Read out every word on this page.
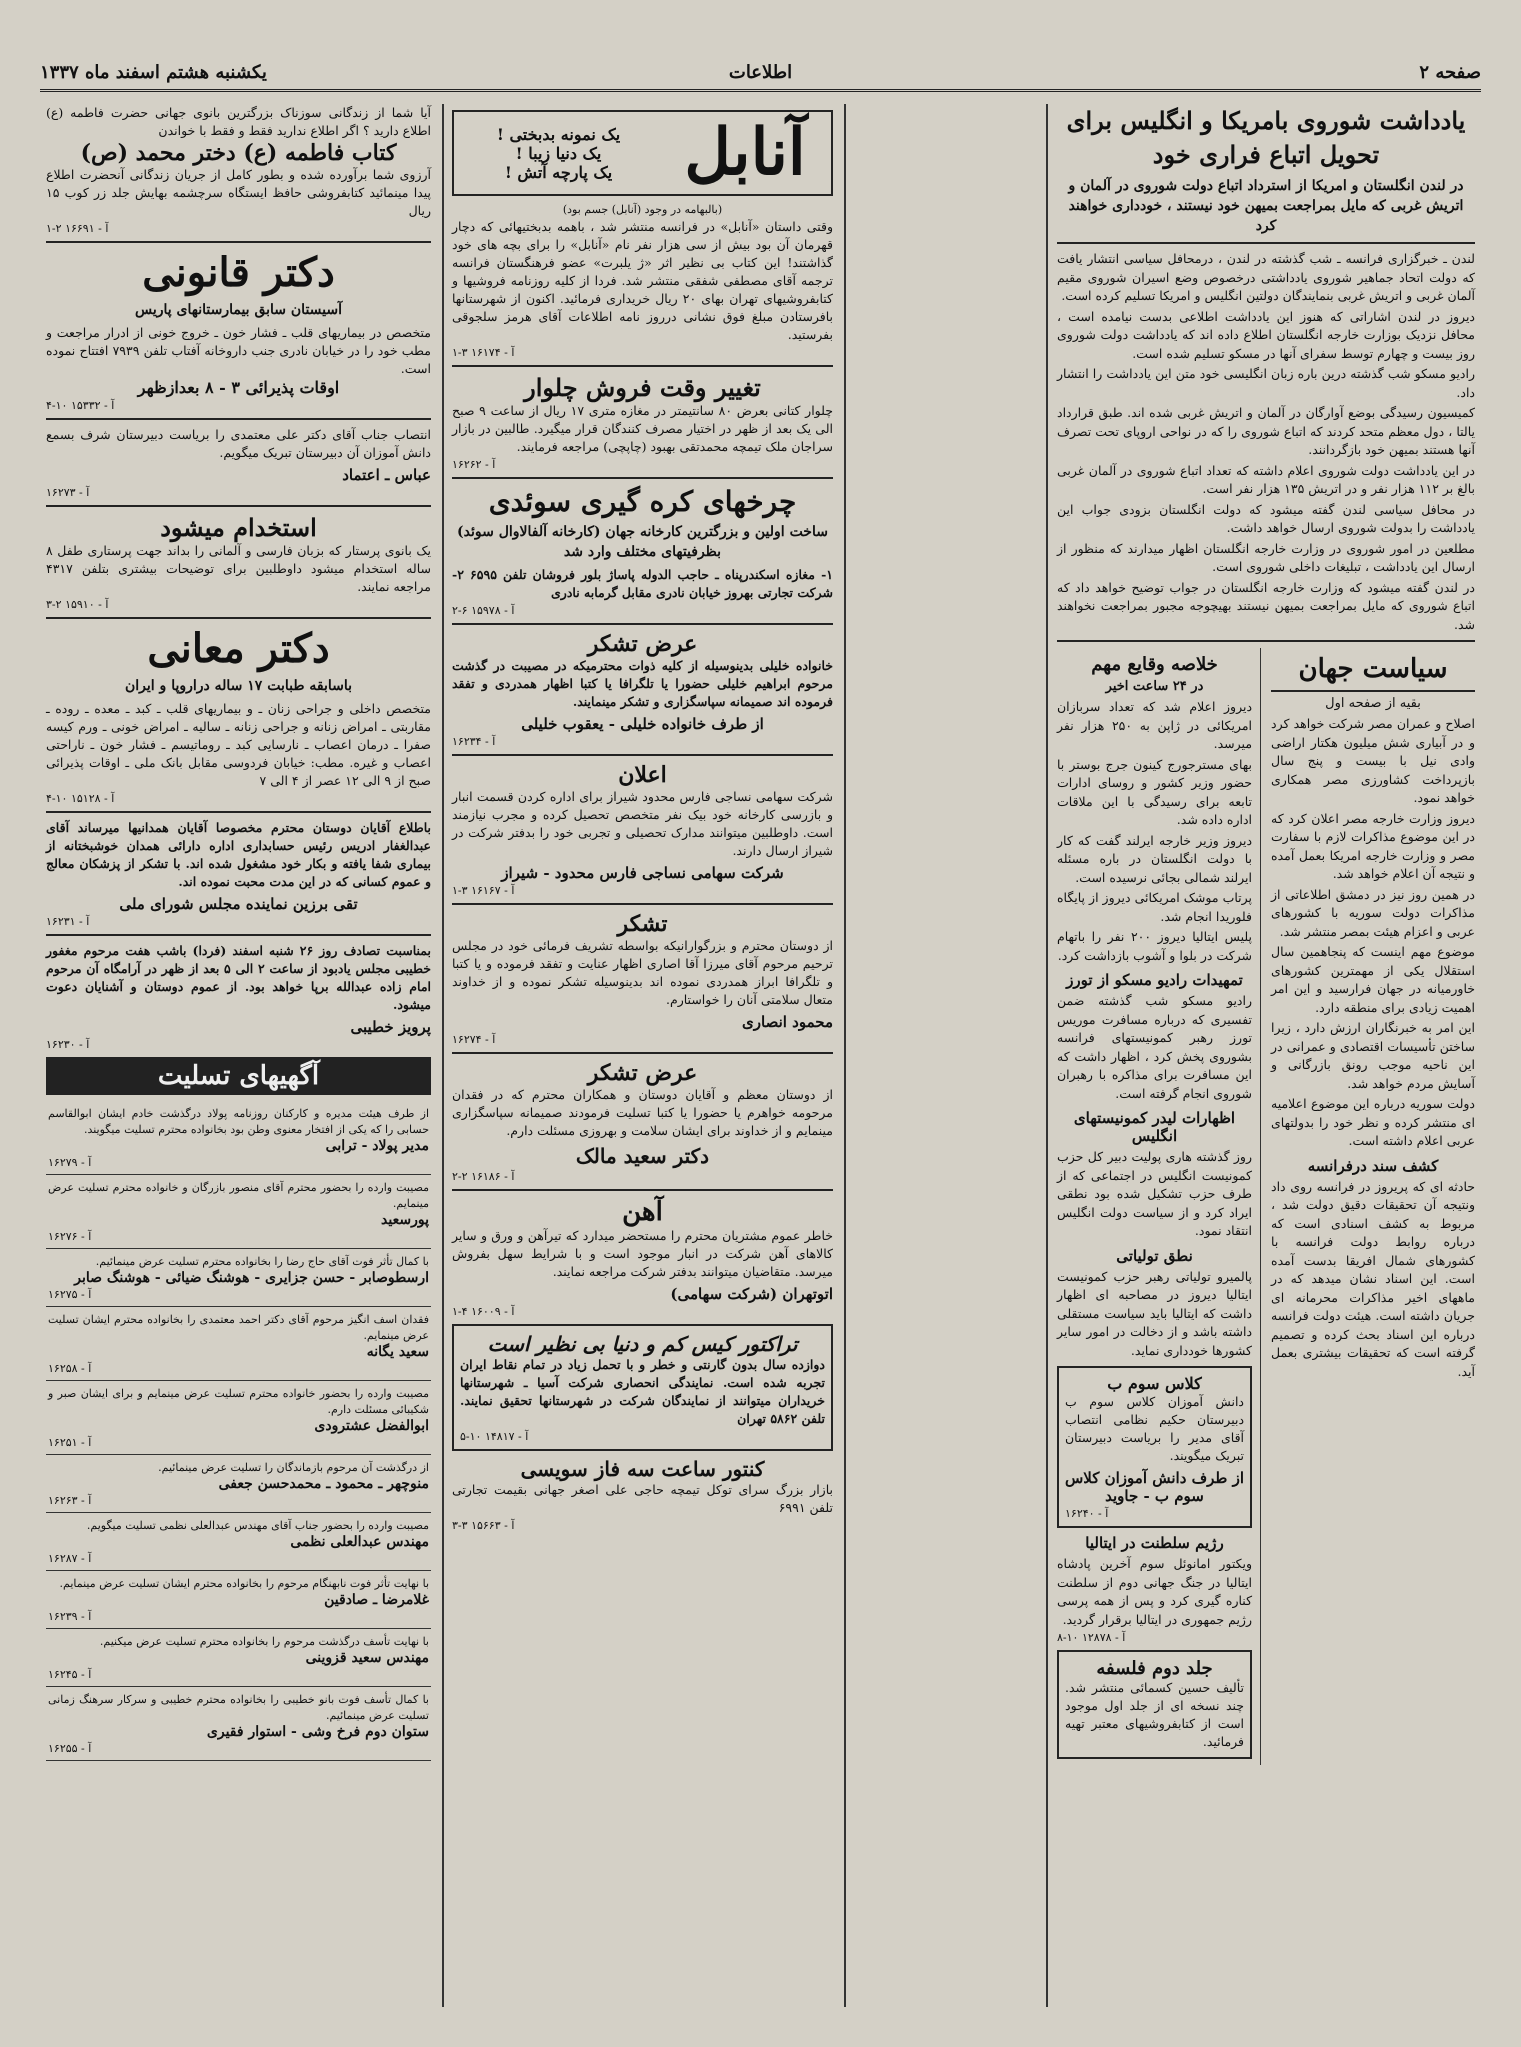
صفحه ۲
اطلاعات
یکشنبه هشتم اسفند ماه ۱۳۳۷
یادداشت شوروی بامریکا و انگلیس برای تحویل اتباع فراری خود
در لندن انگلستان و امریکا از استرداد اتباع دولت شوروی در آلمان و اتریش غربی که مایل بمراجعت بمیهن خود نیستند ، خودداری خواهند کرد

لندن ـ خبرگزاری فرانسه ـ شب گذشته در لندن ، درمحافل سیاسی انتشار یافت که دولت اتحاد جماهیر شوروی یادداشتی درخصوص وضع اسیران شوروی مقیم آلمان غربی و اتریش غربی بنمایندگان دولتین انگلیس و امریکا تسلیم کرده است.

دیروز در لندن اشاراتی که هنوز این یادداشت اطلاعی بدست نیامده است ، محافل نزدیک بوزارت خارجه انگلستان اطلاع داده اند که یادداشت دولت شوروی روز بیست و چهارم توسط سفرای آنها در مسکو تسلیم شده است.

رادیو مسکو شب گذشته درین باره زبان انگلیسی خود متن این یادداشت را انتشار داد.

کمیسیون رسیدگی بوضع آوارگان در آلمان و اتریش غربی شده اند. طبق قرارداد یالتا ، دول معظم متحد کردند که اتباع شوروی را که در نواحی اروپای تحت تصرف آنها هستند بمیهن خود بازگردانند.

در این یادداشت دولت شوروی اعلام داشته که تعداد اتباع شوروی در آلمان غربی بالغ بر ۱۱۲ هزار نفر و در اتریش ۱۳۵ هزار نفر است.

در محافل سیاسی لندن گفته میشود که دولت انگلستان بزودی جواب این یادداشت را بدولت شوروی ارسال خواهد داشت.

مطلعین در امور شوروی در وزارت خارجه انگلستان اظهار میدارند که منظور از ارسال این یادداشت ، تبلیغات داخلی شوروی است.

در لندن گفته میشود که وزارت خارجه انگلستان در جواب توضیح خواهد داد که اتباع شوروی که مایل بمراجعت بمیهن نیستند بهیچوجه مجبور بمراجعت نخواهند شد.

سیاست جهان
بقیه از صفحه اول

اصلاح و عمران مصر شرکت خواهد کرد و در آبیاری شش میلیون هکتار اراضی وادی نیل با بیست و پنج سال بازپرداخت کشاورزی مصر همکاری خواهد نمود.

دیروز وزارت خارجه مصر اعلان کرد که در این موضوع مذاکرات لازم با سفارت مصر و وزارت خارجه امریکا بعمل آمده و نتیجه آن اعلام خواهد شد.

در همین روز نیز در دمشق اطلاعاتی از مذاکرات دولت سوریه با کشورهای عربی و اعزام هیئت بمصر منتشر شد.

موضوع مهم اینست که پنجاهمین سال استقلال یکی از مهمترین کشورهای خاورمیانه در جهان فرارسید و این امر اهمیت زیادی برای منطقه دارد.

این امر به خبرنگاران ارزش دارد ، زیرا ساختن تأسیسات اقتصادی و عمرانی در این ناحیه موجب رونق بازرگانی و آسایش مردم خواهد شد.

دولت سوریه درباره این موضوع اعلامیه ای منتشر کرده و نظر خود را بدولتهای عربی اعلام داشته است.

کشف سند درفرانسه

حادثه ای که پریروز در فرانسه روی داد ونتیجه آن تحقیقات دقیق دولت شد ، مربوط به کشف اسنادی است که درباره روابط دولت فرانسه با کشورهای شمال افریقا بدست آمده است. این اسناد نشان میدهد که در ماههای اخیر مذاکرات محرمانه ای جریان داشته است. هیئت دولت فرانسه درباره این اسناد بحث کرده و تصمیم گرفته است که تحقیقات بیشتری بعمل آید.

خلاصه وقایع مهم
در ۲۴ ساعت اخیر

دیروز اعلام شد که تعداد سربازان امریکائی در ژاپن به ۲۵۰ هزار نفر میرسد.

بهای مسترجورج کینون جرج بوستر با حضور وزیر کشور و روسای ادارات تابعه برای رسیدگی با این ملاقات اداره داده شد.

دیروز وزیر خارجه ایرلند گفت که کار با دولت انگلستان در باره مسئله ایرلند شمالی بجائی نرسیده است.

پرتاب موشک امریکائی دیروز از پایگاه فلوریدا انجام شد.

پلیس ایتالیا دیروز ۲۰۰ نفر را باتهام شرکت در بلوا و آشوب بازداشت کرد.

تمهیدات رادیو مسکو از تورز

رادیو مسکو شب گذشته ضمن تفسیری که درباره مسافرت موریس تورز رهبر کمونیستهای فرانسه بشوروی پخش کرد ، اظهار داشت که این مسافرت برای مذاکره با رهبران شوروی انجام گرفته است.

اظهارات لیدر کمونیستهای انگلیس

روز گذشته هاری پولیت دبیر کل حزب کمونیست انگلیس در اجتماعی که از طرف حزب تشکیل شده بود نطقی ایراد کرد و از سیاست دولت انگلیس انتقاد نمود.

نطق تولیاتی

پالمیرو تولیاتی رهبر حزب کمونیست ایتالیا دیروز در مصاحبه ای اظهار داشت که ایتالیا باید سیاست مستقلی داشته باشد و از دخالت در امور سایر کشورها خودداری نماید.

کلاس سوم ب

دانش آموزان کلاس سوم ب دبیرستان حکیم نظامی انتصاب آقای مدیر را بریاست دبیرستان تبریک میگویند.

از طرف دانش آموزان کلاس سوم ب - جاوید
آ - ۱۶۲۴۰
رژیم سلطنت در ایتالیا

ویکتور امانوئل سوم آخرین پادشاه ایتالیا در جنگ جهانی دوم از سلطنت کناره گیری کرد و پس از همه پرسی رژیم جمهوری در ایتالیا برقرار گردید.

آ - ۱۲۸۷۸ ۱۰-۸
جلد دوم فلسفه

تألیف حسین کسمائی منتشر شد. چند نسخه ای از جلد اول موجود است از کتابفروشیهای معتبر تهیه فرمائید.

آنابل
یک نمونه بدبختی !
یک دنیا زیبا !
یک پارچه آتش !
(بالبهامه در وجود (آنابل) جسم بود)

وقتی داستان «آنابل» در فرانسه منتشر شد ، باهمه بدبختیهائی که دچار قهرمان آن بود بیش از سی هزار نفر نام «آنابل» را برای بچه های خود گذاشتند! این کتاب بی نظیر اثر «ژ یلبرت» عضو فرهنگستان فرانسه ترجمه آقای مصطفی شفقی منتشر شد. فردا از کلیه روزنامه فروشیها و کتابفروشیهای تهران بهای ۲۰ ریال خریداری فرمائید. اکنون از شهرستانها بافرستادن مبلغ فوق نشانی درروز نامه اطلاعات آقای هرمز سلجوقی بفرستید.

آ - ۱۶۱۷۴ ۳-۱
تغییر وقت فروش چلوار

چلوار کتانی بعرض ۸۰ سانتیمتر در مغازه متری ۱۷ ریال از ساعت ۹ صبح الی یک بعد از ظهر در اختیار مصرف کنندگان قرار میگیرد. طالبین در بازار سراجان ملک تیمچه محمدتقی بهبود (چاپچی) مراجعه فرمایند.

آ - ۱۶۲۶۲
چرخهای کره گیری سوئدی
ساخت اولین و بزرگترین کارخانه جهان (کارخانه آلفالاوال سوئد) بظرفیتهای مختلف وارد شد

۱- مغازه اسکندرپناه ـ حاجب الدوله پاساژ بلور فروشان تلفن ۶۵۹۵ ۲- شرکت تجارتی بهروز خیابان نادری مقابل گرمابه نادری

آ - ۱۵۹۷۸ ۶-۲
عرض تشکر

خانواده خلیلی بدینوسیله از کلیه ذوات محترمیکه در مصیبت در گذشت مرحوم ابراهیم خلیلی حضورا یا تلگرافا یا کتبا اظهار همدردی و تفقد فرموده اند صمیمانه سپاسگزاری و تشکر مینمایند.

از طرف خانواده خلیلی - یعقوب خلیلی
آ - ۱۶۲۳۴
اعلان

شرکت سهامی نساجی فارس محدود شیراز برای اداره کردن قسمت انبار و بازرسی کارخانه خود بیک نفر متخصص تحصیل کرده و مجرب نیازمند است. داوطلبین میتوانند مدارک تحصیلی و تجربی خود را بدفتر شرکت در شیراز ارسال دارند.

شرکت سهامی نساجی فارس محدود - شیراز
آ - ۱۶۱۶۷ ۳-۱
تشکر

از دوستان محترم و بزرگوارانیکه بواسطه تشریف فرمائی خود در مجلس ترحیم مرحوم آقای میرزا آقا اصاری اظهار عنایت و تفقد فرموده و یا کتبا و تلگرافا ابراز همدردی نموده اند بدینوسیله تشکر نموده و از خداوند متعال سلامتی آنان را خواستارم.

محمود انصاری
آ - ۱۶۲۷۴
عرض تشکر

از دوستان معظم و آقایان دوستان و همکاران محترم که در فقدان مرحومه خواهرم یا حضورا یا کتبا تسلیت فرمودند صمیمانه سپاسگزاری مینمایم و از خداوند برای ایشان سلامت و بهروزی مسئلت دارم.

دکتر سعید مالک
آ - ۱۶۱۸۶ ۲-۲
آهن

خاطر عموم مشتریان محترم را مستحضر میدارد که تیرآهن و ورق و سایر کالاهای آهن شرکت در انبار موجود است و با شرایط سهل بفروش میرسد. متقاضیان میتوانند بدفتر شرکت مراجعه نمایند.

اتوتهران (شرکت سهامی)
آ - ۱۶۰۰۹ ۴-۱
تراکتور کیس کم و دنیا بی نظیر است

دوازده سال بدون گارنتی و خطر و با تحمل زیاد در تمام نقاط ایران تجربه شده است. نمایندگی انحصاری شرکت آسیا ـ شهرستانها خریداران میتوانند از نمایندگان شرکت در شهرستانها تحقیق نمایند. تلفن ۵۸۶۲ تهران

آ - ۱۴۸۱۷ ۱۰-۵
کنتور ساعت سه فاز سویسی

بازار بزرگ سرای توکل تیمچه حاجی علی اصغر جهانی بقیمت تجارتی تلفن ۶۹۹۱

آ - ۱۵۶۶۳ ۳-۳

آیا شما از زندگانی سوزناک بزرگترین بانوی جهانی حضرت فاطمه (ع) اطلاع دارید ؟ اگر اطلاع ندارید فقط و فقط با خواندن

کتاب فاطمه (ع) دختر محمد (ص)

آرزوی شما برآورده شده و بطور کامل از جریان زندگانی آنحضرت اطلاع پیدا مینمائید کتابفروشی حافظ ایستگاه سرچشمه بهایش جلد زر کوب ۱۵ ریال

آ - ۱۶۶۹۱ ۲-۱
دکتر قانونی
آسیستان سابق بیمارستانهای پاریس

متخصص در بیماریهای قلب ـ فشار خون ـ خروج خونی از ادرار مراجعت و مطب خود را در خیابان نادری جنب داروخانه آفتاب تلفن ۷۹۳۹ افتتاح نموده است.

اوقات پذیرائی ۳ - ۸ بعدازظهر
آ - ۱۵۳۳۲ ۱۰-۴

انتصاب جناب آقای دکتر علی معتمدی را بریاست دبیرستان شرف بسمع دانش آموزان آن دبیرستان تبریک میگویم.

عباس ـ اعتماد
آ - ۱۶۲۷۳
استخدام میشود

یک بانوی پرستار که بزبان فارسی و آلمانی را بداند جهت پرستاری طفل ۸ ساله استخدام میشود داوطلبین برای توضیحات بیشتری بتلفن ۴۳۱۷ مراجعه نمایند.

آ - ۱۵۹۱۰ ۲-۳
دکتر معانی
باسابقه طبابت ۱۷ ساله دراروپا و ایران

متخصص داخلی و جراحی زنان ـ و بیماریهای قلب ـ کبد ـ معده ـ روده ـ مقاربتی ـ امراض زنانه و جراحی زنانه ـ سالیه ـ امراض خونی ـ ورم کیسه صفرا ـ درمان اعصاب ـ نارسایی کبد ـ روماتیسم ـ فشار خون ـ ناراحتی اعصاب و غیره. مطب: خیابان فردوسی مقابل بانک ملی ـ اوقات پذیرائی صبح از ۹ الی ۱۲ عصر از ۴ الی ۷

آ - ۱۵۱۲۸ ۱۰-۴

باطلاع آقایان دوستان محترم مخصوصا آقایان همدانیها میرساند آقای عبدالغفار ادریس رئیس حسابداری اداره دارائی همدان خوشبختانه از بیماری شفا یافته و بکار خود مشغول شده اند. با تشکر از پزشکان معالج و عموم کسانی که در این مدت محبت نموده اند.

تقی برزین نماینده مجلس شورای ملی
آ - ۱۶۲۳۱

بمناسبت تصادف روز ۲۶ شنبه اسفند (فردا) باشب هفت مرحوم مغفور خطیبی مجلس یادبود از ساعت ۲ الی ۵ بعد از ظهر در آرامگاه آن مرحوم امام زاده عبدالله برپا خواهد بود. از عموم دوستان و آشنایان دعوت میشود.

پرویز خطیبی
آ - ۱۶۲۳۰
آگهیهای تسلیت

از طرف هیئت مدیره و کارکنان روزنامه پولاد درگذشت خادم ایشان ابوالقاسم حسابی را که یکی از افتخار معنوی وطن بود بخانواده محترم تسلیت میگویند.

مدیر پولاد - ترابی
آ - ۱۶۲۷۹

مصیبت وارده را بحضور محترم آقای منصور بازرگان و خانواده محترم تسلیت عرض مینمایم.

پورسعید
آ - ۱۶۲۷۶

با کمال تأثر فوت آقای حاج رضا را بخانواده محترم تسلیت عرض مینمائیم.

ارسطوصابر - حسن جزایری - هوشنگ ضیائی - هوشنگ صابر
آ - ۱۶۲۷۵

فقدان اسف انگیز مرحوم آقای دکتر احمد معتمدی را بخانواده محترم ایشان تسلیت عرض مینمایم.

سعید یگانه
آ - ۱۶۲۵۸

مصیبت وارده را بحضور خانواده محترم تسلیت عرض مینمایم و برای ایشان صبر و شکیبائی مسئلت دارم.

ابوالفضل عشترودی
آ - ۱۶۲۵۱

از درگذشت آن مرحوم بازماندگان را تسلیت عرض مینمائیم.

منوچهر ـ محمود ـ محمدحسن جعفی
آ - ۱۶۲۶۳

مصیبت وارده را بحضور جناب آقای مهندس عبدالعلی نظمی تسلیت میگویم.

مهندس عبدالعلی نظمی
آ - ۱۶۲۸۷

با نهایت تأثر فوت نابهنگام مرحوم را بخانواده محترم ایشان تسلیت عرض مینمایم.

غلامرضا ـ صادقین
آ - ۱۶۲۳۹

با نهایت تأسف درگذشت مرحوم را بخانواده محترم تسلیت عرض میکنیم.

مهندس سعید قزوینی
آ - ۱۶۲۴۵

با کمال تأسف فوت بانو خطیبی را بخانواده محترم خطیبی و سرکار سرهنگ زمانی تسلیت عرض مینمائیم.

ستوان دوم فرخ وشی - استوار فقیری
آ - ۱۶۲۵۵
